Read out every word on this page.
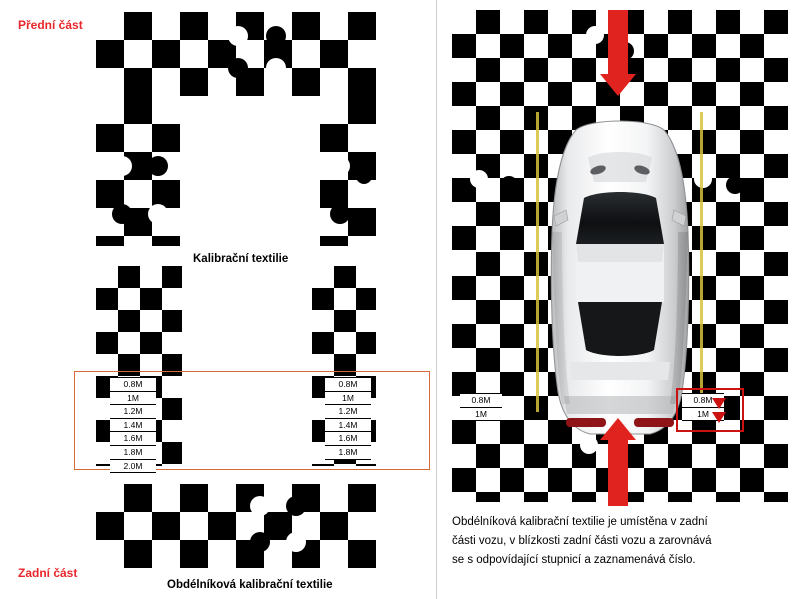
0.8M
1M
1.2M
1.4M
1.6M
1.8M
2.0M
0.8M
1M
1.2M
1.4M
1.6M
1.8M
Přední část
Zadní část
Kalibrační textilie
Obdélníková kalibrační textilie
0.8M
1M
0.8M
1M
Obdélníková kalibrační textilie je umístěna v zadní
části vozu, v blízkosti zadní části vozu a zarovnává
se s odpovídající stupnicí a zaznamenává číslo.
